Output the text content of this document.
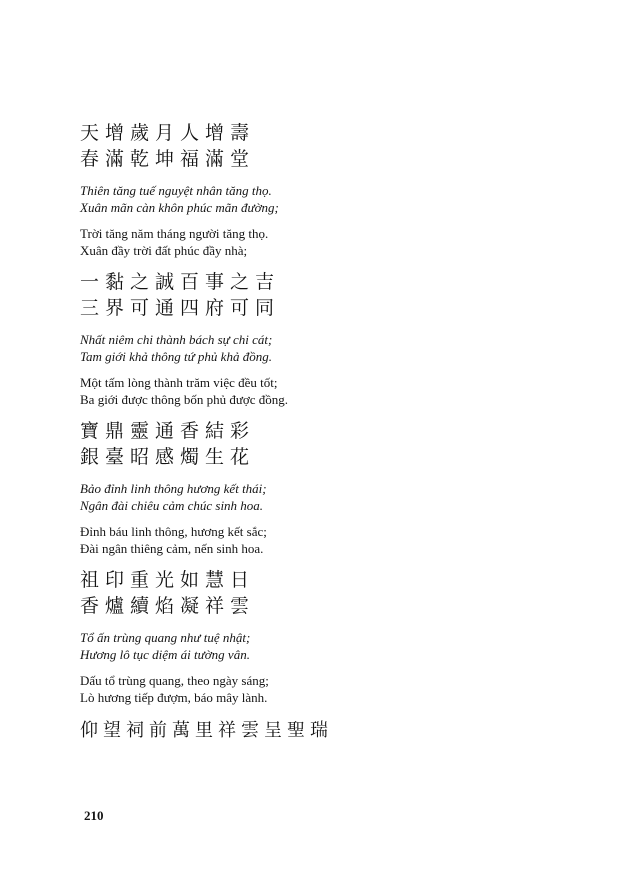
天增歲月人增壽
春滿乾坤福滿堂
Thiên tăng tuế nguyệt nhân tăng thọ.
Xuân mãn càn khôn phúc mãn đường;
Trời tăng năm tháng người tăng thọ.
Xuân đầy trời đất phúc đầy nhà;
一黏之誠百事之吉
三界可通四府可同
Nhất niêm chi thành bách sự chi cát;
Tam giới khả thông tứ phủ khả đồng.
Một tấm lòng thành trăm việc đều tốt;
Ba giới được thông bốn phủ được đồng.
寶鼎靈通香結彩
銀臺昭感燭生花
Bảo đỉnh linh thông hương kết thái;
Ngân đài chiêu cảm chúc sinh hoa.
Đỉnh báu linh thông, hương kết sắc;
Đài ngân thiêng cảm, nến sinh hoa.
祖印重光如慧日
香爐續焰凝祥雲
Tổ ấn trùng quang như tuệ nhật;
Hương lô tục diệm ái tường vân.
Dấu tổ trùng quang, theo ngày sáng;
Lò hương tiếp đượm, báo mây lành.
仰望祠前萬里祥雲呈聖瑞
210
